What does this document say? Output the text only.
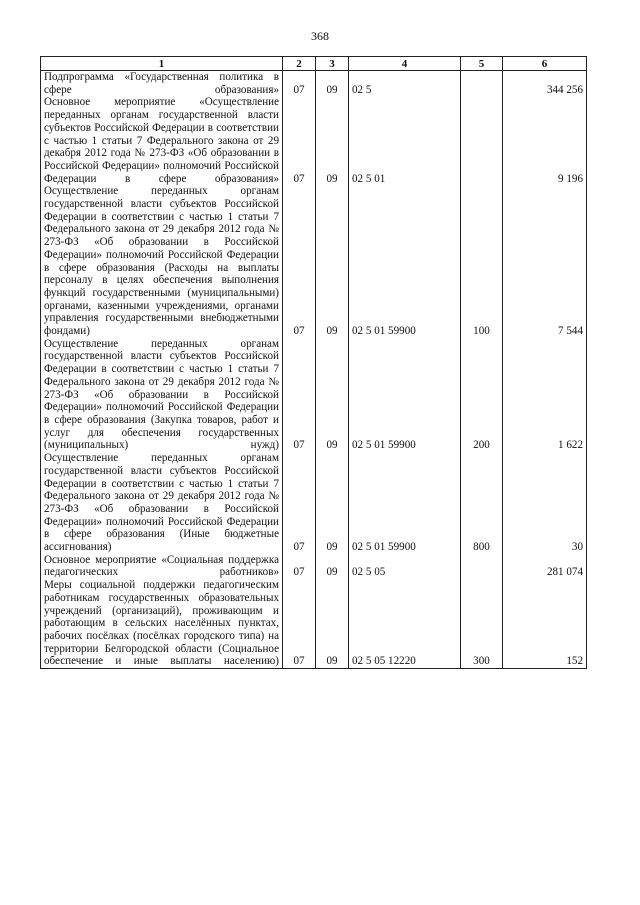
368
1	2	3	4	5	6
Подпрограмма «Государственная политика в сфере образования»	07	09	02 5		344 256
Основное мероприятие «Осуществление переданных органам государственной власти субъектов Российской Федерации в соответствии с частью 1 статьи 7 Федерального закона от 29 декабря 2012 года № 273-ФЗ «Об образовании в Российской Федерации» полномочий Российской Федерации в сфере образования»	07	09	02 5 01		9 196
Осуществление переданных органам государственной власти субъектов Российской Федерации в соответствии с частью 1 статьи 7 Федерального закона от 29 декабря 2012 года № 273-ФЗ «Об образовании в Российской Федерации» полномочий Российской Федерации в сфере образования (Расходы на выплаты персоналу в целях обеспечения выполнения функций государственными (муниципальными) органами, казенными учреждениями, органами управления государственными внебюджетными фондами)	07	09	02 5 01 59900	100	7 544
Осуществление переданных органам государственной власти субъектов Российской Федерации в соответствии с частью 1 статьи 7 Федерального закона от 29 декабря 2012 года № 273-ФЗ «Об образовании в Российской Федерации» полномочий Российской Федерации в сфере образования (Закупка товаров, работ и услуг для обеспечения государственных (муниципальных) нужд)	07	09	02 5 01 59900	200	1 622
Осуществление переданных органам государственной власти субъектов Российской Федерации в соответствии с частью 1 статьи 7 Федерального закона от 29 декабря 2012 года № 273-ФЗ «Об образовании в Российской Федерации» полномочий Российской Федерации в сфере образования (Иные бюджетные ассигнования)	07	09	02 5 01 59900	800	30
Основное мероприятие «Социальная поддержка педагогических работников»	07	09	02 5 05		281 074
Меры социальной поддержки педагогическим работникам государственных образовательных учреждений (организаций), проживающим и работающим в сельских населённых пунктах, рабочих посёлках (посёлках городского типа) на территории Белгородской области (Социальное обеспечение и иные выплаты населению)	07	09	02 5 05 12220	300	152
